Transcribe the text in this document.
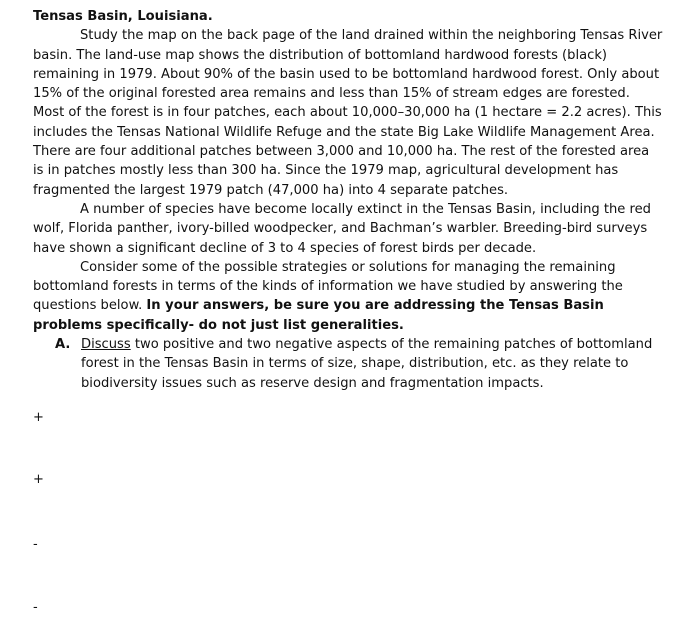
Tensas Basin, Louisiana.

Study the map on the back page of the land drained within the neighboring Tensas River basin. The land-use map shows the distribution of bottomland hardwood forests (black) remaining in 1979. About 90% of the basin used to be bottomland hardwood forest. Only about 15% of the original forested area remains and less than 15% of stream edges are forested. Most of the forest is in four patches, each about 10,000–30,000 ha (1 hectare = 2.2 acres). This includes the Tensas National Wildlife Refuge and the state Big Lake Wildlife Management Area. There are four additional patches between 3,000 and 10,000 ha. The rest of the forested area is in patches mostly less than 300 ha. Since the 1979 map, agricultural development has fragmented the largest 1979 patch (47,000 ha) into 4 separate patches.

A number of species have become locally extinct in the Tensas Basin, including the red wolf, Florida panther, ivory-billed woodpecker, and Bachman’s warbler. Breeding-bird surveys have shown a significant decline of 3 to 4 species of forest birds per decade.

Consider some of the possible strategies or solutions for managing the remaining bottomland forests in terms of the kinds of information we have studied by answering the questions below. In your answers, be sure you are addressing the Tensas Basin problems specifically- do not just list generalities.

A. Discuss two positive and two negative aspects of the remaining patches of bottomland forest in the Tensas Basin in terms of size, shape, distribution, etc. as they relate to biodiversity issues such as reserve design and fragmentation impacts.
+
+
-
-
